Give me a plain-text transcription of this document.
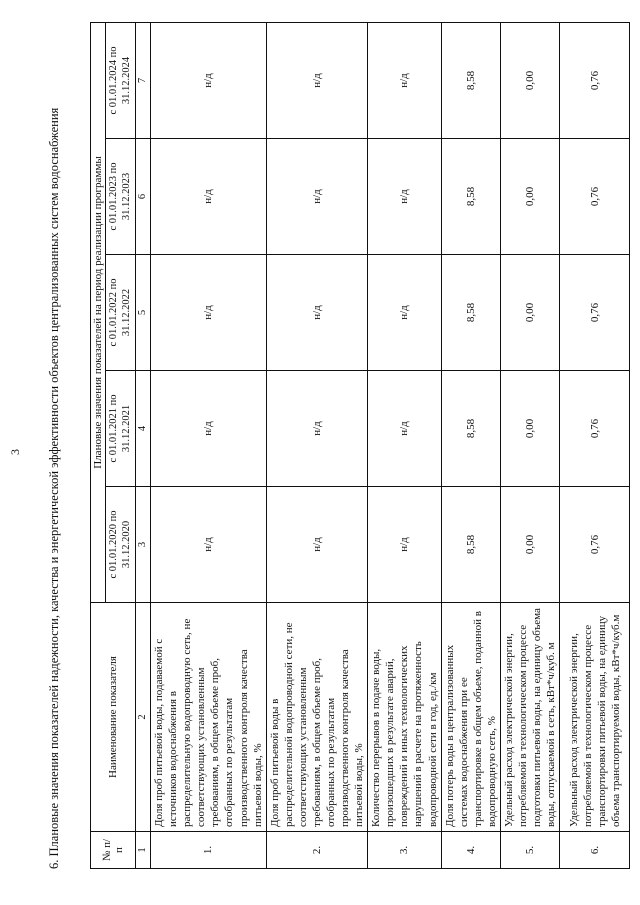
3 6. Плановые значения показателей надежности, качества и энергетической эффективности объектов централизованных систем водоснабжения	№ п/п	Наименование показателя	Плановые значения показателей на период реализации программы				
		с 01.01.2020 по 31.12.2020	с 01.01.2021 по 31.12.2021	с 01.01.2022 по 31.12.2022	с 01.01.2023 по 31.12.2023	с 01.01.2024 по 31.12.2024
1	2	3	4	5	6	7
1.	Доля проб питьевой воды, подаваемой с источников водоснабжения в распределительную водопроводную сеть, не соответствующих установленным требованиям, в общем объеме проб, отобранных по результатам производственного контроля качества питьевой воды, %	н/д	н/д	н/д	н/д	н/д
2.	Доля проб питьевой воды в распределительной водопроводной сети, не соответствующих установленным требованиям, в общем объеме проб, отобранных по результатам производственного контроля качества питьевой воды, %	н/д	н/д	н/д	н/д	н/д
3.	Количество перерывов в подаче воды, произошедших в результате аварий, повреждений и иных технологических нарушений в расчете на протяженность водопроводной сети в год, ед./км	н/д	н/д	н/д	н/д	н/д
4.	Доля потерь воды в централизованных системах водоснабжения при ее транспортировке в общем объеме, поданной в водопроводную сеть, %	8,58	8,58	8,58	8,58	8,58
5.	Удельный расход электрической энергии, потребляемой в технологическом процессе подготовки питьевой воды, на единицу объема воды, отпускаемой в сеть, кВт*ч/куб. м	0,00	0,00	0,00	0,00	0,00
6.	Удельный расход электрической энергии, потребляемой в технологическом процессе транспортировки питьевой воды, на единицу объема транспортируемой воды, кВт*ч/куб.м	0,76	0,76	0,76	0,76	0,76
